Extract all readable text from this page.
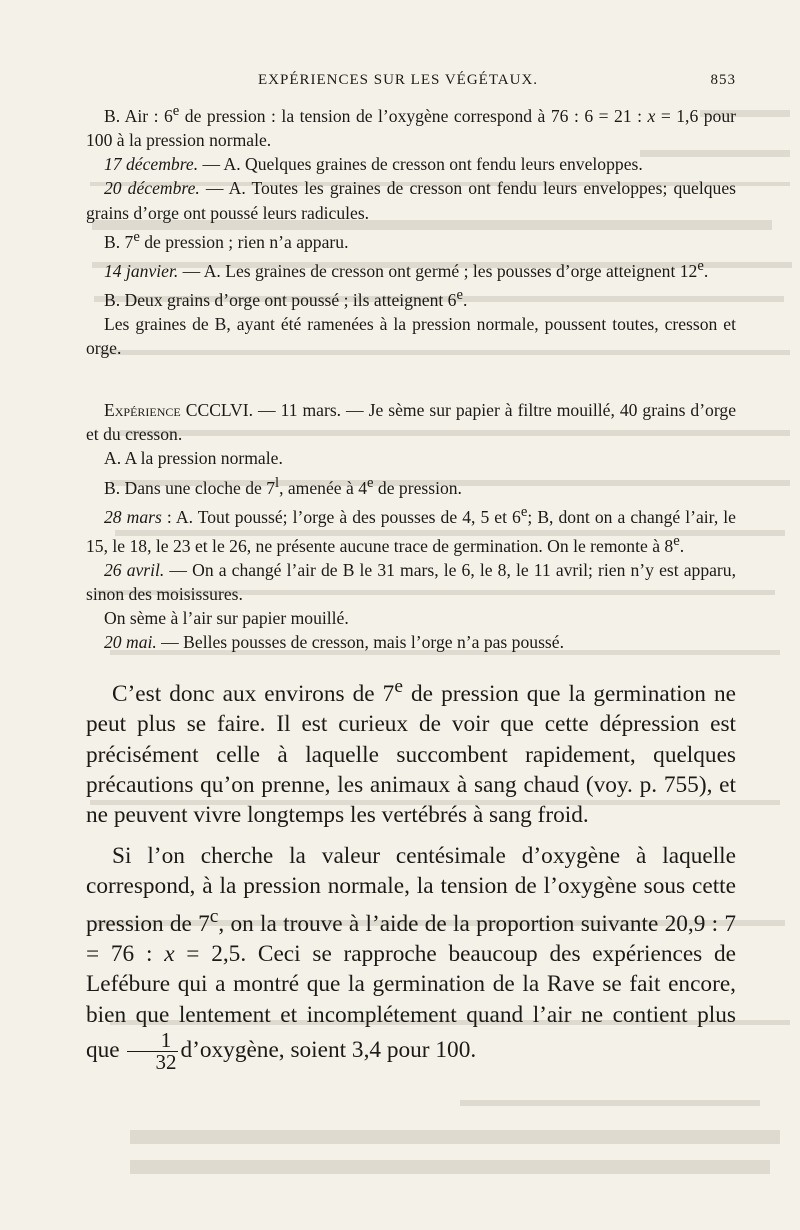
EXPÉRIENCES SUR LES VÉGÉTAUX.	853

B. Air : 6e de pression : la tension de l’oxygène correspond à 76 : 6 = 21 : x = 1,6 pour 100 à la pression normale.

17 décembre. — A. Quelques graines de cresson ont fendu leurs enveloppes.

20 décembre. — A. Toutes les graines de cresson ont fendu leurs enveloppes; quelques grains d’orge ont poussé leurs radicules.

B. 7e de pression ; rien n’a apparu.

14 janvier. — A. Les graines de cresson ont germé ; les pousses d’orge atteignent 12e.

B. Deux grains d’orge ont poussé ; ils atteignent 6e.

Les graines de B, ayant été ramenées à la pression normale, poussent toutes, cresson et orge.

Expérience CCCLVI. — 11 mars. — Je sème sur papier à filtre mouillé, 40 grains d’orge et du cresson.

A. A la pression normale.

B. Dans une cloche de 7$^l$, amenée à 4e de pression.

28 mars : A. Tout poussé; l’orge à des pousses de 4, 5 et 6e; B, dont on a changé l’air, le 15, le 18, le 23 et le 26, ne présente aucune trace de germination. On le remonte à 8e.

26 avril. — On a changé l’air de B le 31 mars, le 6, le 8, le 11 avril; rien n’y est apparu, sinon des moisissures.

On sème à l’air sur papier mouillé.

20 mai. — Belles pousses de cresson, mais l’orge n’a pas poussé.

C’est donc aux environs de 7e de pression que la germination ne peut plus se faire. Il est curieux de voir que cette dépression est précisément celle à laquelle succombent rapidement, quelques précautions qu’on prenne, les animaux à sang chaud (voy. p. 755), et ne peuvent vivre longtemps les vertébrés à sang froid.

Si l’on cherche la valeur centésimale d’oxygène à laquelle correspond, à la pression normale, la tension de l’oxygène sous cette pression de 7$^c$, on la trouve à l’aide de la proportion suivante 20,9 : 7 = 76 : x = 2,5. Ceci se rapproche beaucoup des expériences de Lefébure qui a montré que la germination de la Rave se fait encore, bien que lentement et incomplétement quand l’air ne contient plus que $\frac{1}{32}$ d’oxygène, soient 3,4 pour 100.
